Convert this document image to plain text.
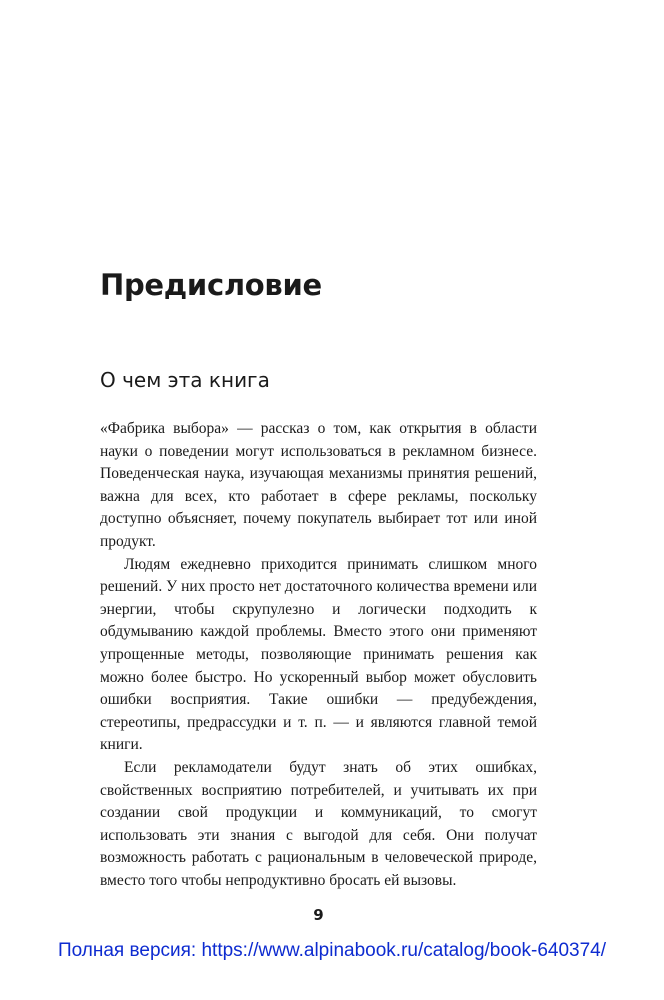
Предисловие
О чем эта книга

«Фабрика выбора» — рассказ о том, как открытия в области науки о поведении могут использоваться в рекламном бизнесе. Поведенческая наука, изучающая механизмы принятия решений, важна для всех, кто работает в сфере рекламы, поскольку доступно объясняет, почему покупатель выбирает тот или иной продукт.

Людям ежедневно приходится принимать слишком много решений. У них просто нет достаточного количества времени или энергии, чтобы скрупулезно и логически подходить к обдумыванию каждой проблемы. Вместо этого они применяют упрощенные методы, позволяющие принимать решения как можно более быстро. Но ускоренный выбор может обусловить ошибки восприятия. Такие ошибки — предубеждения, стереотипы, предрассудки и т. п. — и являются главной темой книги.

Если рекламодатели будут знать об этих ошибках, свойственных восприятию потребителей, и учитывать их при создании свой продукции и коммуникаций, то смогут использовать эти знания с выгодой для себя. Они получат возможность работать с рациональным в человеческой природе, вместо того чтобы непродуктивно бросать ей вызовы.

9
Полная версия: https://www.alpinabook.ru/catalog/book-640374/
